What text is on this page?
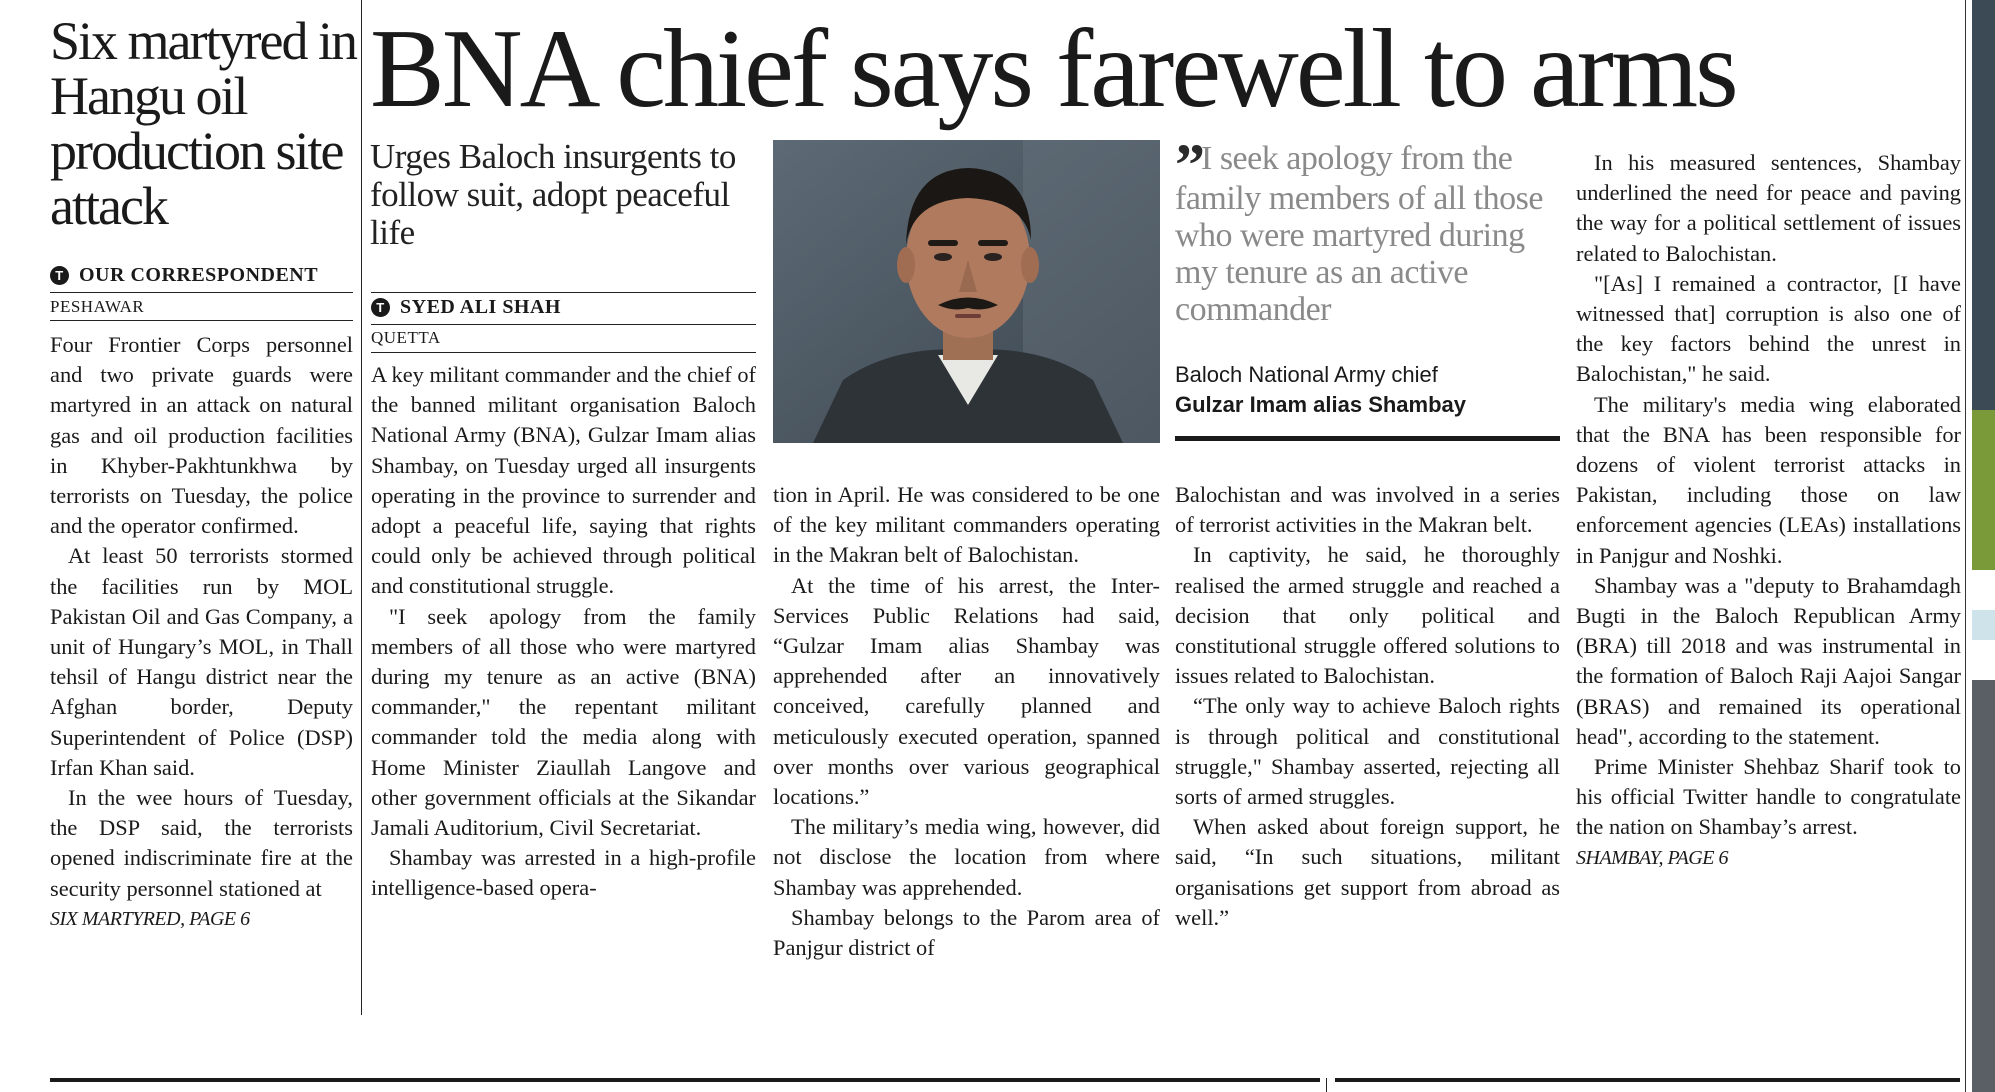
Six martyred in Hangu oil production site attack
T OUR CORRESPONDENT
PESHAWAR

Four Frontier Corps personnel and two private guards were martyred in an attack on natural gas and oil production facilities in Khyber-Pakhtunkhwa by terrorists on Tuesday, the police and the operator confirmed.

At least 50 terrorists stormed the facilities run by MOL Pakistan Oil and Gas Company, a unit of Hungary’s MOL, in Thall tehsil of Hangu district near the Afghan border, Deputy Superintendent of Police (DSP) Irfan Khan said.

In the wee hours of Tuesday, the DSP said, the terrorists opened indiscriminate fire at the security personnel stationed at

SIX MARTYRED, PAGE 6

BNA chief says farewell to arms
Urges Baloch insurgents to follow suit, adopt peaceful life
T SYED ALI SHAH
QUETTA

A key militant commander and the chief of the banned militant organisation Baloch National Army (BNA), Gulzar Imam alias Shambay, on Tuesday urged all insurgents operating in the province to surrender and adopt a peaceful life, saying that rights could only be achieved through political and constitutional struggle.

"I seek apology from the family members of all those who were martyred during my tenure as an active (BNA) commander," the repentant militant commander told the media along with Home Minister Ziaullah Langove and other government officials at the Sikandar Jamali Auditorium, Civil Secretariat.

Shambay was arrested in a high-profile intelligence-based opera-

tion in April. He was considered to be one of the key militant commanders operating in the Makran belt of Balochistan.

At the time of his arrest, the Inter-Services Public Relations had said, “Gulzar Imam alias Shambay was apprehended after an innovatively conceived, carefully planned and meticulously executed operation, spanned over months over various geographical locations.”

The military’s media wing, however, did not disclose the location from where Shambay was apprehended.

Shambay belongs to the Parom area of Panjgur district of

” I seek apology from the family members of all those who were martyred during my tenure as an active commander
Baloch National Army chief
Gulzar Imam alias Shambay

Balochistan and was involved in a series of terrorist activities in the Makran belt.

In captivity, he said, he thoroughly realised the armed struggle and reached a decision that only political and constitutional struggle offered solutions to issues related to Balochistan.

“The only way to achieve Baloch rights is through political and constitutional struggle," Shambay asserted, rejecting all sorts of armed struggles.

When asked about foreign support, he said, “In such situations, militant organisations get support from abroad as well.”

In his measured sentences, Shambay underlined the need for peace and paving the way for a political settlement of issues related to Balochistan.

"[As] I remained a contractor, [I have witnessed that] corruption is also one of the key factors behind the unrest in Balochistan," he said.

The military's media wing elaborated that the BNA has been responsible for dozens of violent terrorist attacks in Pakistan, including those on law enforcement agencies (LEAs) installations in Panjgur and Noshki.

Shambay was a "deputy to Brahamdagh Bugti in the Baloch Republican Army (BRA) till 2018 and was instrumental in the formation of Baloch Raji Aajoi Sangar (BRAS) and remained its operational head", according to the statement.

Prime Minister Shehbaz Sharif took to his official Twitter handle to congratulate the nation on Shambay’s arrest.

SHAMBAY, PAGE 6
